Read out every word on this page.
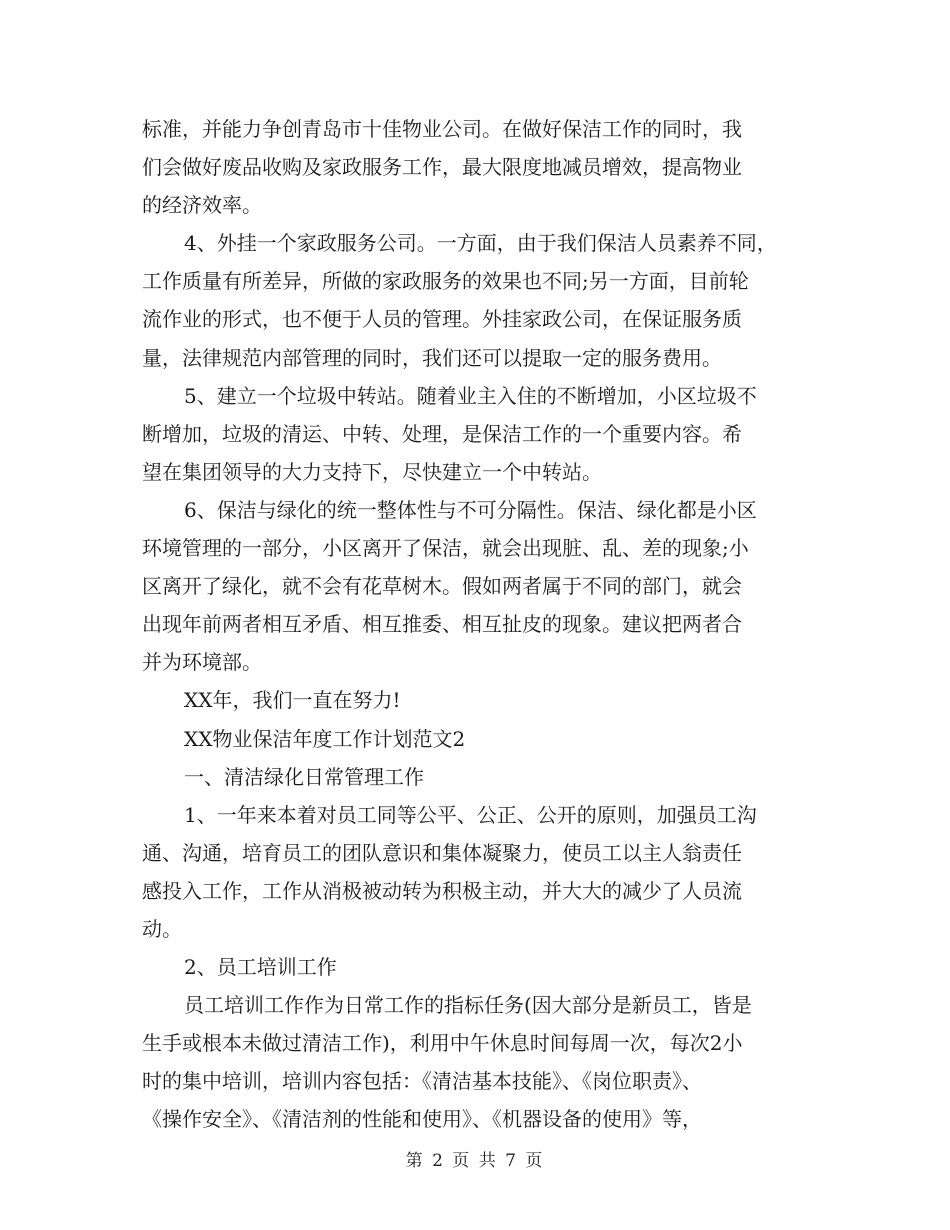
标准，并能力争创青岛市十佳物业公司。在做好保洁工作的同时，我
们会做好废品收购及家政服务工作，最大限度地减员增效，提高物业
的经济效率。
4、外挂一个家政服务公司。一方面，由于我们保洁人员素养不同，
工作质量有所差异，所做的家政服务的效果也不同;另一方面，目前轮
流作业的形式，也不便于人员的管理。外挂家政公司，在保证服务质
量，法律规范内部管理的同时，我们还可以提取一定的服务费用。
5、建立一个垃圾中转站。随着业主入住的不断增加，小区垃圾不
断增加，垃圾的清运、中转、处理，是保洁工作的一个重要内容。希
望在集团领导的大力支持下，尽快建立一个中转站。
6、保洁与绿化的统一整体性与不可分隔性。保洁、绿化都是小区
环境管理的一部分，小区离开了保洁，就会出现脏、乱、差的现象;小
区离开了绿化，就不会有花草树木。假如两者属于不同的部门，就会
出现年前两者相互矛盾、相互推委、相互扯皮的现象。建议把两者合
并为环境部。
XX年，我们一直在努力!
XX物业保洁年度工作计划范文2
一、清洁绿化日常管理工作
1、一年来本着对员工同等公平、公正、公开的原则，加强员工沟
通、沟通，培育员工的团队意识和集体凝聚力，使员工以主人翁责任
感投入工作，工作从消极被动转为积极主动，并大大的减少了人员流
动。
2、员工培训工作
员工培训工作作为日常工作的指标任务(因大部分是新员工，皆是
生手或根本未做过清洁工作)，利用中午休息时间每周一次，每次2小
时的集中培训，培训内容包括：《清洁基本技能》、《岗位职责》、
《操作安全》、《清洁剂的性能和使用》、《机器设备的使用》等，
第 2 页 共 7 页
